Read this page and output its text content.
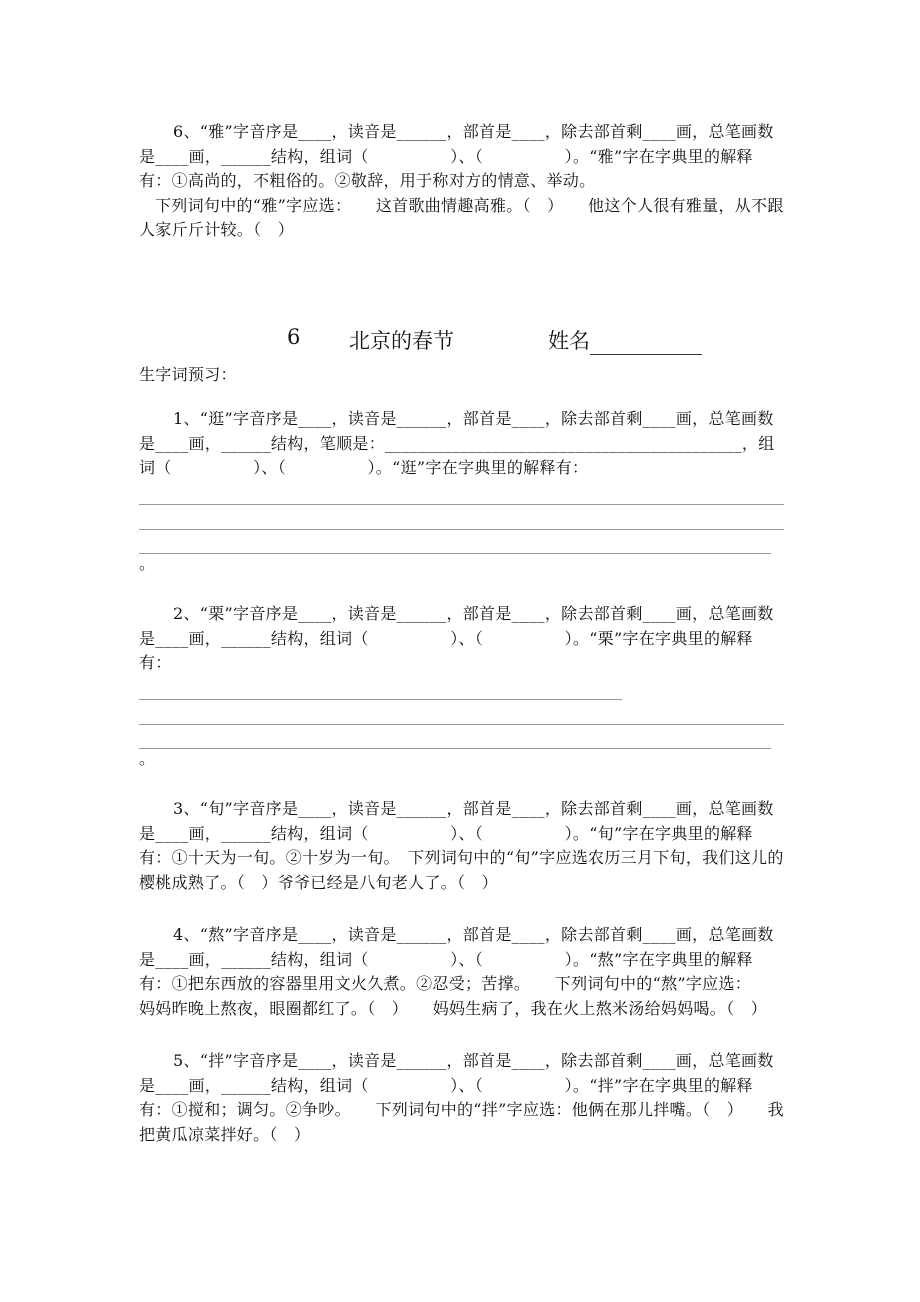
6、“雅”字音序是____，读音是______，部首是____，除去部首剩____画，总笔画数是____画，______结构，组词（　　　　　）、（　　　　　）。“雅”字在字典里的解释有：①高尚的，不粗俗的。②敬辞，用于称对方的情意、举动。

下列词句中的“雅”字应选：　　这首歌曲情趣高雅。（　）　　他这个人很有雅量，从不跟人家斤斤计较。（　）

6 北京的春节	姓名

生字词预习：

1、“逛”字音序是____，读音是______，部首是____，除去部首剩____画，总笔画数是____画，______结构，笔顺是：___________________________________________，组词（　　　　　）、（　　　　　）。“逛”字在字典里的解释有：

。

2、“栗”字音序是____，读音是______，部首是____，除去部首剩____画，总笔画数是____画，______结构，组词（　　　　　）、（　　　　　）。“栗”字在字典里的解释有：

。

3、“旬”字音序是____，读音是______，部首是____，除去部首剩____画，总笔画数是____画，______结构，组词（　　　　　）、（　　　　　）。“旬”字在字典里的解释有：①十天为一旬。②十岁为一旬。　下列词句中的“旬”字应选农历三月下旬，我们这儿的樱桃成熟了。（　）爷爷已经是八旬老人了。（　）

4、“熬”字音序是____，读音是______，部首是____，除去部首剩____画，总笔画数是____画，______结构，组词（　　　　　）、（　　　　　）。“熬”字在字典里的解释有：①把东西放的容器里用文火久煮。②忍受；苦撑。　　下列词句中的“熬”字应选：　　妈妈昨晚上熬夜，眼圈都红了。（　）　　妈妈生病了，我在火上熬米汤给妈妈喝。（　）

5、“拌”字音序是____，读音是______，部首是____，除去部首剩____画，总笔画数是____画，______结构，组词（　　　　　）、（　　　　　）。“拌”字在字典里的解释有：①搅和；调匀。②争吵。　　下列词句中的“拌”字应选：他俩在那儿拌嘴。（　）　　我把黄瓜凉菜拌好。（　）
